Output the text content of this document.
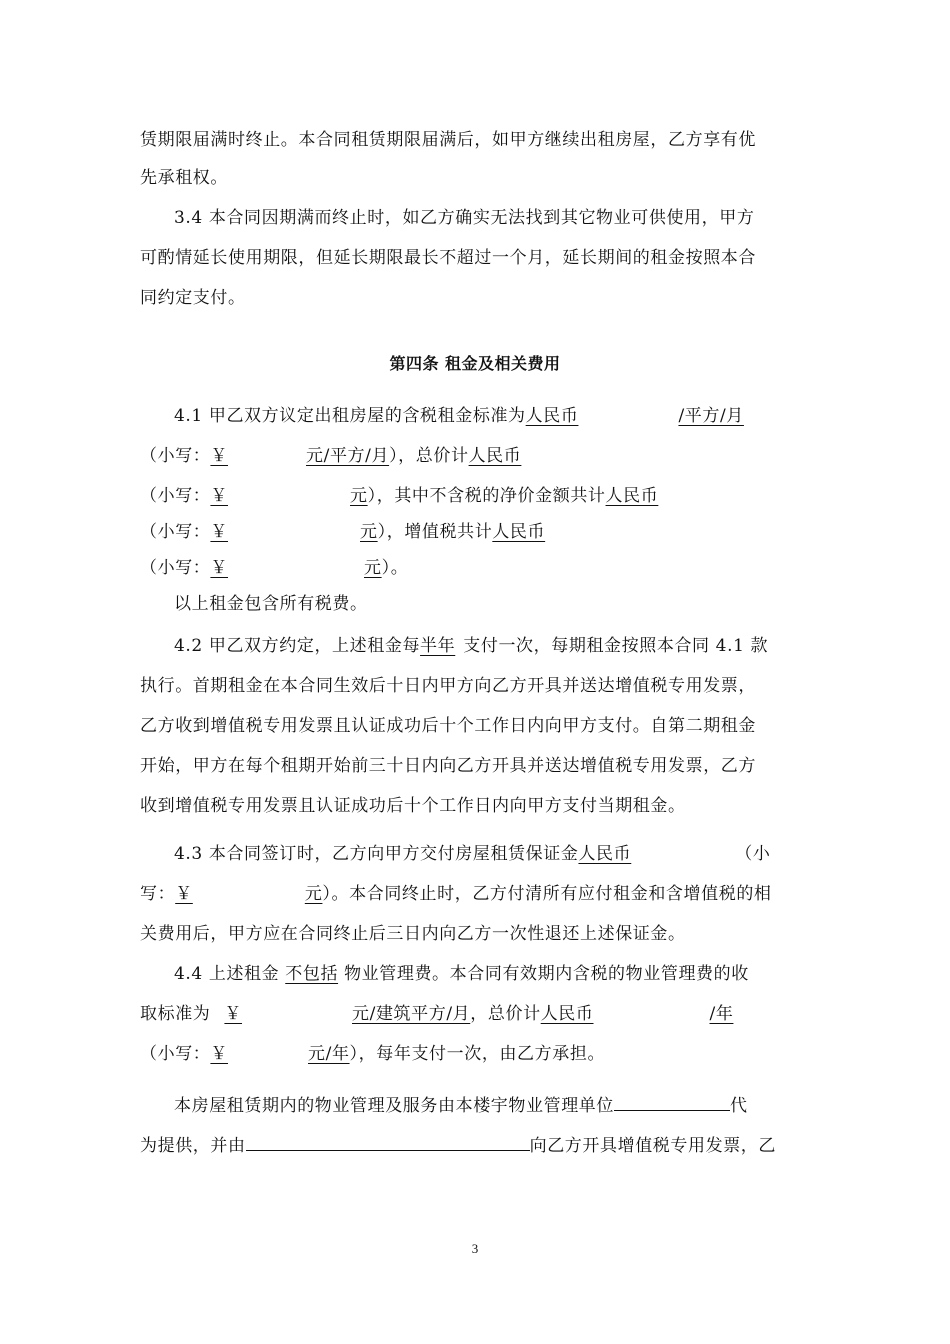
赁期限届满时终止。本合同租赁期限届满后，如甲方继续出租房屋，乙方享有优
先承租权。
3.4 本合同因期满而终止时，如乙方确实无法找到其它物业可供使用，甲方
可酌情延长使用期限，但延长期限最长不超过一个月，延长期间的租金按照本合
同约定支付。
第四条 租金及相关费用
4.1 甲乙双方议定出租房屋的含税租金标准为人民币	/平方/月
（小写：￥	元/平方/月），总价计人民币
（小写：￥	元），其中不含税的净价金额共计人民币
（小写：￥	元），增值税共计人民币
（小写：￥	元）。
以上租金包含所有税费。
4.2 甲乙双方约定，上述租金每半年 支付一次，每期租金按照本合同 4.1 款
执行。首期租金在本合同生效后十日内甲方向乙方开具并送达增值税专用发票，
乙方收到增值税专用发票且认证成功后十个工作日内向甲方支付。自第二期租金
开始，甲方在每个租期开始前三十日内向乙方开具并送达增值税专用发票，乙方
收到增值税专用发票且认证成功后十个工作日内向甲方支付当期租金。
4.3 本合同签订时，乙方向甲方交付房屋租赁保证金人民币	（小
写：￥	元）。本合同终止时，乙方付清所有应付租金和含增值税的相
关费用后，甲方应在合同终止后三日内向乙方一次性退还上述保证金。
4.4 上述租金 不包括 物业管理费。本合同有效期内含税的物业管理费的收
取标准为 ￥	元/建筑平方/月，总价计人民币	/年
（小写：￥	元/年），每年支付一次，由乙方承担。
本房屋租赁期内的物业管理及服务由本楼宇物业管理单位	代
为提供，并由	向乙方开具增值税专用发票，乙
3
